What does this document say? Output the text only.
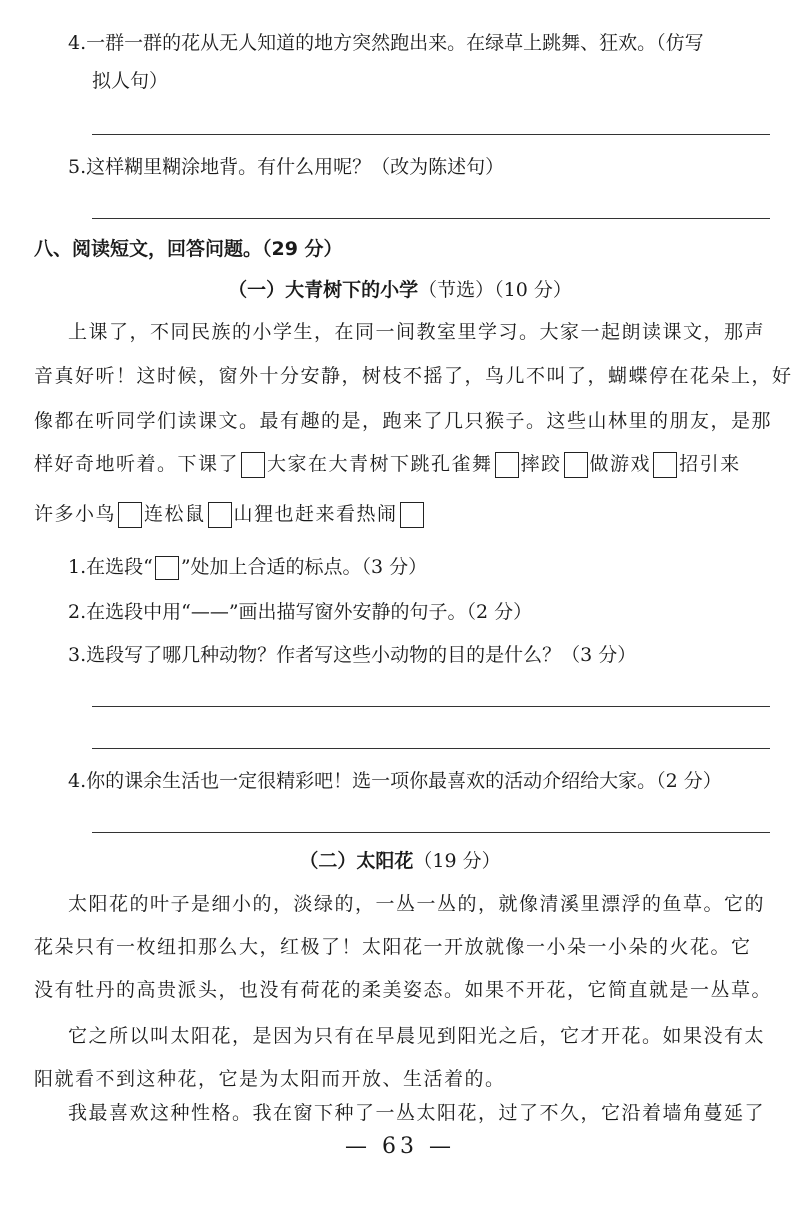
4.一群一群的花从无人知道的地方突然跑出来。在绿草上跳舞、狂欢。（仿写
拟人句）
5.这样糊里糊涂地背。有什么用呢？（改为陈述句）
八、阅读短文，回答问题。（29 分）
（一）大青树下的小学（节选）（10 分）
上课了，不同民族的小学生，在同一间教室里学习。大家一起朗读课文，那声
音真好听！这时候，窗外十分安静，树枝不摇了，鸟儿不叫了，蝴蝶停在花朵上，好
像都在听同学们读课文。最有趣的是，跑来了几只猴子。这些山林里的朋友，是那
样好奇地听着。下课了 大家在大青树下跳孔雀舞 摔跤 做游戏 招引来
许多小鸟 连松鼠 山狸也赶来看热闹
1.在选段“ ”处加上合适的标点。（3 分）
2.在选段中用“——”画出描写窗外安静的句子。（2 分）
3.选段写了哪几种动物？作者写这些小动物的目的是什么？（3 分）
4.你的课余生活也一定很精彩吧！选一项你最喜欢的活动介绍给大家。（2 分）
（二）太阳花（19 分）
太阳花的叶子是细小的，淡绿的，一丛一丛的，就像清溪里漂浮的鱼草。它的
花朵只有一枚纽扣那么大，红极了！太阳花一开放就像一小朵一小朵的火花。它
没有牡丹的高贵派头，也没有荷花的柔美姿态。如果不开花，它简直就是一丛草。
它之所以叫太阳花，是因为只有在早晨见到阳光之后，它才开花。如果没有太
阳就看不到这种花，它是为太阳而开放、生活着的。
我最喜欢这种性格。我在窗下种了一丛太阳花，过了不久，它沿着墙角蔓延了
— 63 —
